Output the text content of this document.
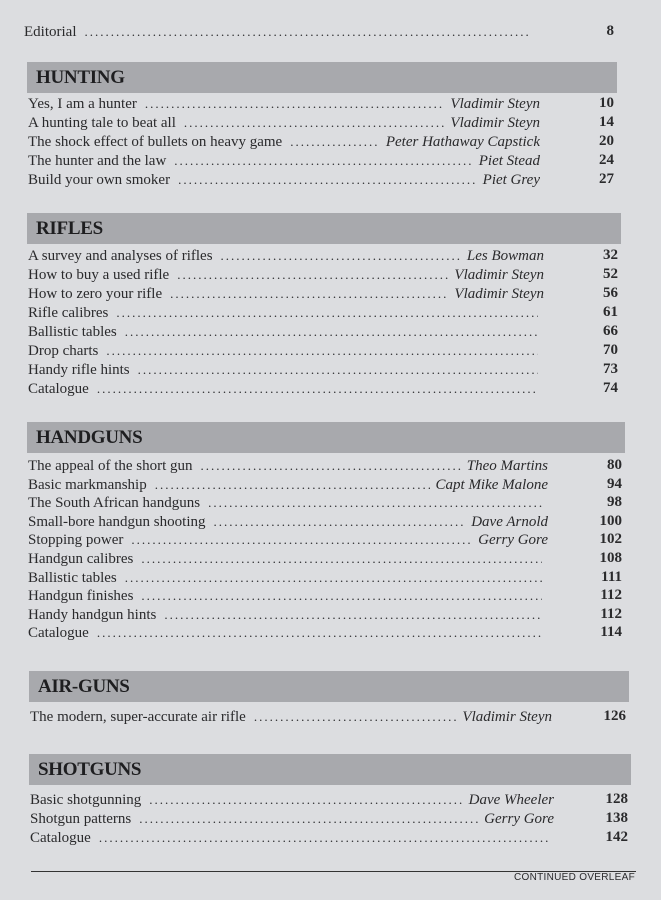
Editorial .....	8
HUNTING
Yes, I am a hunter .....	Vladimir Steyn	10
A hunting tale to beat all .....	Vladimir Steyn	14
The shock effect of bullets on heavy game .....	Peter Hathaway Capstick	20
The hunter and the law .....	Piet Stead	24
Build your own smoker .....	Piet Grey	27
RIFLES
A survey and analyses of rifles .....	Les Bowman	32
How to buy a used rifle .....	Vladimir Steyn	52
How to zero your rifle .....	Vladimir Steyn	56
Rifle calibres .....	61
Ballistic tables .....	66
Drop charts .....	70
Handy rifle hints .....	73
Catalogue .....	74
HANDGUNS
The appeal of the short gun .....	Theo Martins	80
Basic markmanship .....	Capt Mike Malone	94
The South African handguns .....	98
Small-bore handgun shooting .....	Dave Arnold	100
Stopping power .....	Gerry Gore	102
Handgun calibres .....	108
Ballistic tables .....	111
Handgun finishes .....	112
Handy handgun hints .....	112
Catalogue .....	114
AIR-GUNS
The modern, super-accurate air rifle .....	Vladimir Steyn	126
SHOTGUNS
Basic shotgunning .....	Dave Wheeler	128
Shotgun patterns .....	Gerry Gore	138
Catalogue .....	142
CONTINUED OVERLEAF
